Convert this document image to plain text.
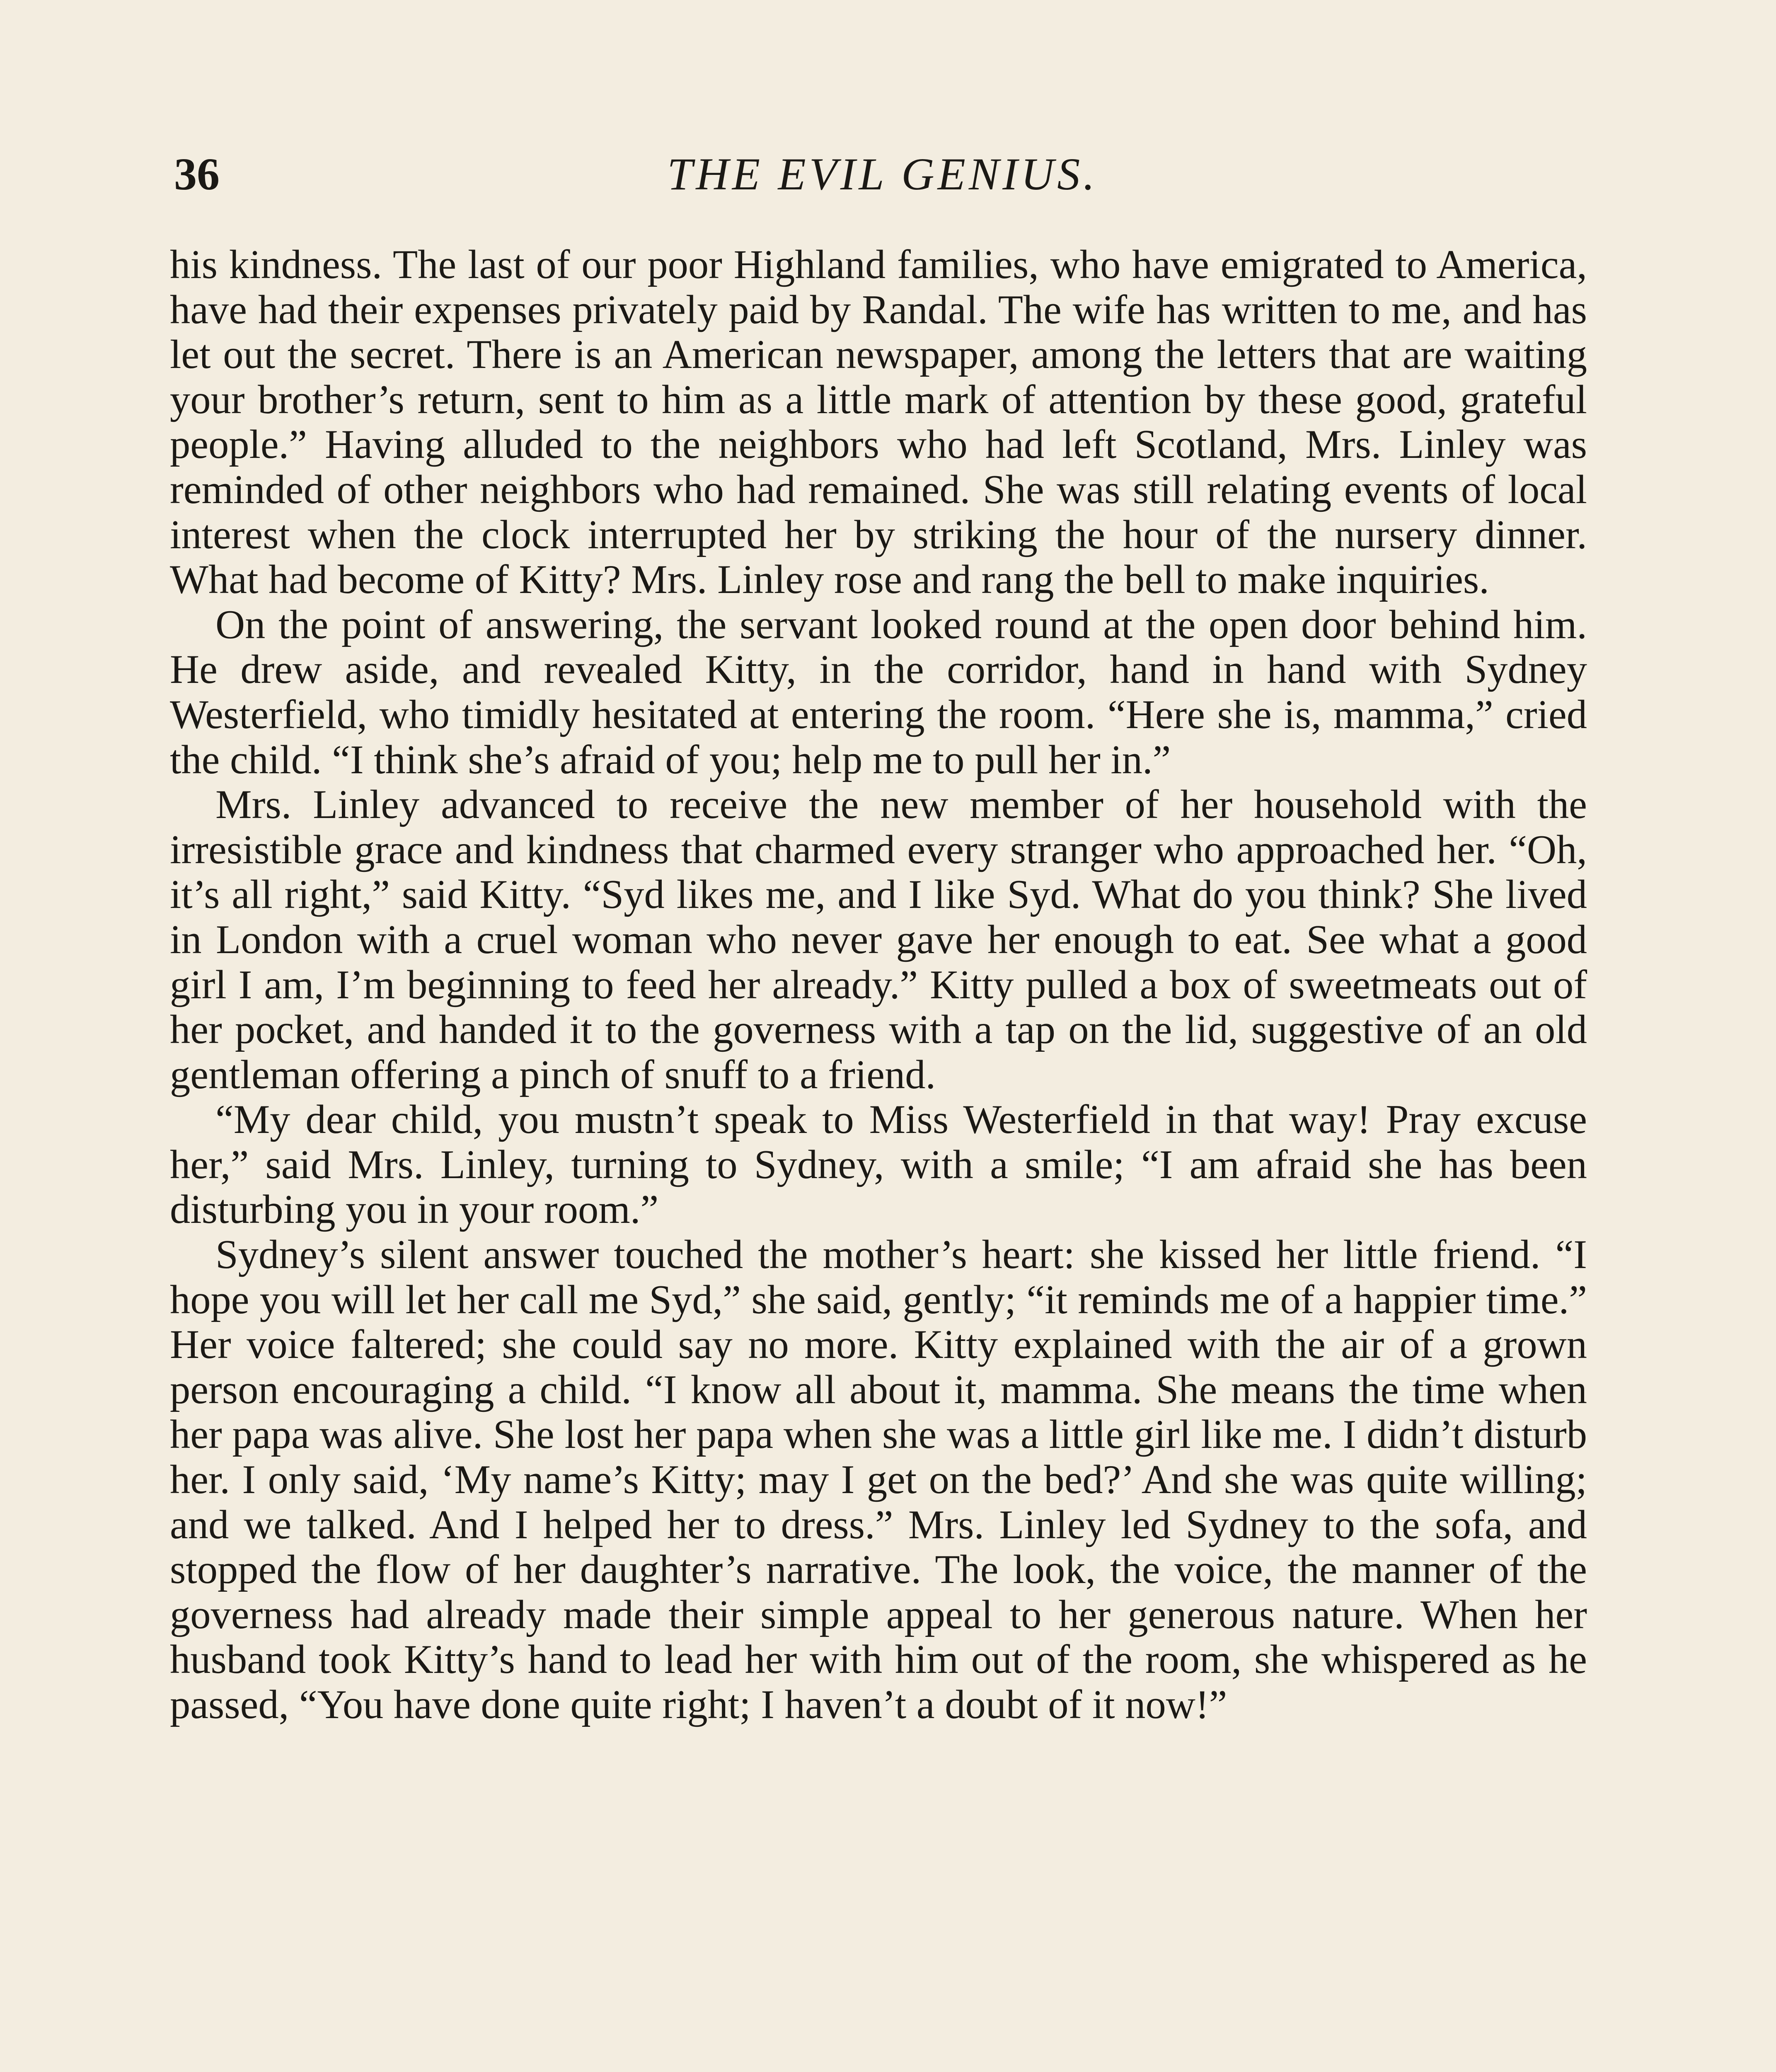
36	THE EVIL GENIUS.

his kindness. The last of our poor Highland families, who have emigrated to America, have had their expenses privately paid by Randal. The wife has written to me, and has let out the secret. There is an American newspaper, among the letters that are waiting your brother’s return, sent to him as a little mark of attention by these good, grateful people.” Having alluded to the neighbors who had left Scotland, Mrs. Linley was reminded of other neighbors who had remained. She was still relating events of local interest when the clock interrupted her by striking the hour of the nursery dinner. What had become of Kitty? Mrs. Linley rose and rang the bell to make inquiries.

On the point of answering, the servant looked round at the open door behind him. He drew aside, and revealed Kitty, in the corridor, hand in hand with Sydney Westerfield, who timidly hesitated at entering the room. “Here she is, mamma,” cried the child. “I think she’s afraid of you; help me to pull her in.”

Mrs. Linley advanced to receive the new member of her household with the irresistible grace and kindness that charmed every stranger who approached her. “Oh, it’s all right,” said Kitty. “Syd likes me, and I like Syd. What do you think? She lived in London with a cruel woman who never gave her enough to eat. See what a good girl I am, I’m beginning to feed her already.” Kitty pulled a box of sweetmeats out of her pocket, and handed it to the governess with a tap on the lid, suggestive of an old gentleman offering a pinch of snuff to a friend.

“My dear child, you mustn’t speak to Miss Westerfield in that way! Pray excuse her,” said Mrs. Linley, turning to Sydney, with a smile; “I am afraid she has been disturbing you in your room.”

Sydney’s silent answer touched the mother’s heart: she kissed her little friend. “I hope you will let her call me Syd,” she said, gently; “it reminds me of a happier time.” Her voice faltered; she could say no more. Kitty explained with the air of a grown person encouraging a child. “I know all about it, mamma. She means the time when her papa was alive. She lost her papa when she was a little girl like me. I didn’t disturb her. I only said, ‘My name’s Kitty; may I get on the bed?’ And she was quite willing; and we talked. And I helped her to dress.” Mrs. Linley led Sydney to the sofa, and stopped the flow of her daughter’s narrative. The look, the voice, the manner of the governess had already made their simple appeal to her generous nature. When her husband took Kitty’s hand to lead her with him out of the room, she whispered as he passed, “You have done quite right; I haven’t a doubt of it now!”
